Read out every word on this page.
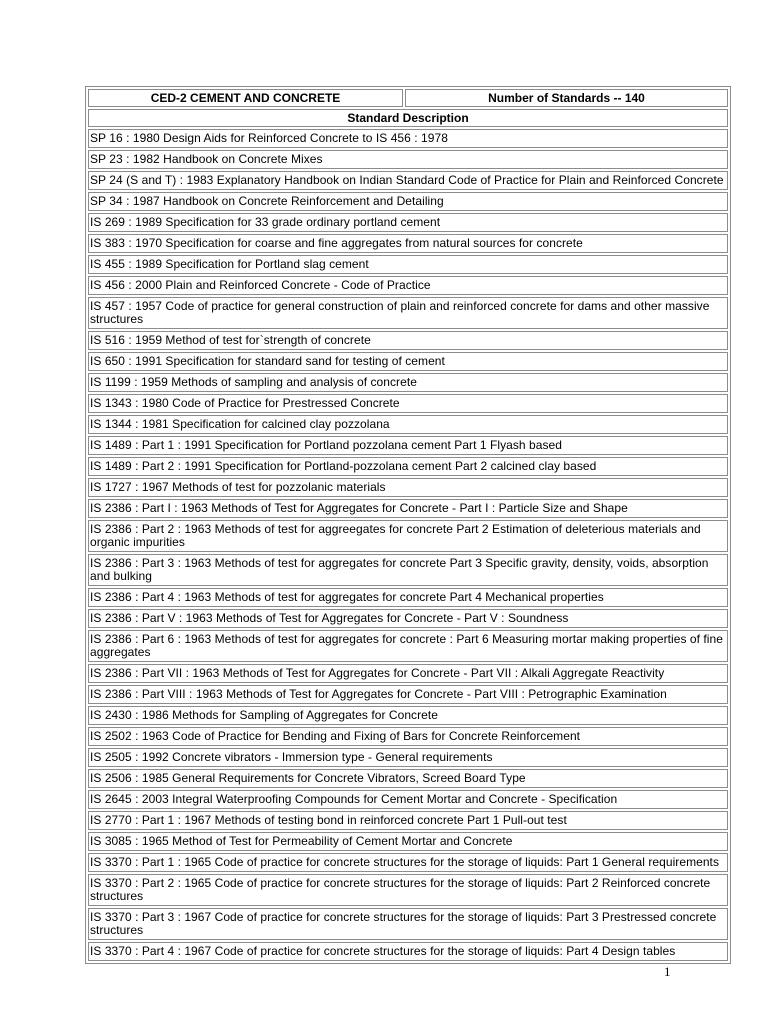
CED-2 CEMENT AND CONCRETE	Number of Standards -- 140
Standard Description
SP 16 : 1980 Design Aids for Reinforced Concrete to IS 456 : 1978
SP 23 : 1982 Handbook on Concrete Mixes
SP 24 (S and T) : 1983 Explanatory Handbook on Indian Standard Code of Practice for Plain and Reinforced Concrete
SP 34 : 1987 Handbook on Concrete Reinforcement and Detailing
IS 269 : 1989 Specification for 33 grade ordinary portland cement
IS 383 : 1970 Specification for coarse and fine aggregates from natural sources for concrete
IS 455 : 1989 Specification for Portland slag cement
IS 456 : 2000 Plain and Reinforced Concrete - Code of Practice
IS 457 : 1957 Code of practice for general construction of plain and reinforced concrete for dams and other massive structures
IS 516 : 1959 Method of test for`strength of concrete
IS 650 : 1991 Specification for standard sand for testing of cement
IS 1199 : 1959 Methods of sampling and analysis of concrete
IS 1343 : 1980 Code of Practice for Prestressed Concrete
IS 1344 : 1981 Specification for calcined clay pozzolana
IS 1489 : Part 1 : 1991 Specification for Portland pozzolana cement Part 1 Flyash based
IS 1489 : Part 2 : 1991 Specification for Portland-pozzolana cement Part 2 calcined clay based
IS 1727 : 1967 Methods of test for pozzolanic materials
IS 2386 : Part I : 1963 Methods of Test for Aggregates for Concrete - Part I : Particle Size and Shape
IS 2386 : Part 2 : 1963 Methods of test for aggreegates for concrete Part 2 Estimation of deleterious materials and organic impurities
IS 2386 : Part 3 : 1963 Methods of test for aggregates for concrete Part 3 Specific gravity, density, voids, absorption and bulking
IS 2386 : Part 4 : 1963 Methods of test for aggregates for concrete Part 4 Mechanical properties
IS 2386 : Part V : 1963 Methods of Test for Aggregates for Concrete - Part V : Soundness
IS 2386 : Part 6 : 1963 Methods of test for aggregates for concrete : Part 6 Measuring mortar making properties of fine aggregates
IS 2386 : Part VII : 1963 Methods of Test for Aggregates for Concrete - Part VII : Alkali Aggregate Reactivity
IS 2386 : Part VIII : 1963 Methods of Test for Aggregates for Concrete - Part VIII : Petrographic Examination
IS 2430 : 1986 Methods for Sampling of Aggregates for Concrete
IS 2502 : 1963 Code of Practice for Bending and Fixing of Bars for Concrete Reinforcement
IS 2505 : 1992 Concrete vibrators - Immersion type - General requirements
IS 2506 : 1985 General Requirements for Concrete Vibrators, Screed Board Type
IS 2645 : 2003 Integral Waterproofing Compounds for Cement Mortar and Concrete - Specification
IS 2770 : Part 1 : 1967 Methods of testing bond in reinforced concrete Part 1 Pull-out test
IS 3085 : 1965 Method of Test for Permeability of Cement Mortar and Concrete
IS 3370 : Part 1 : 1965 Code of practice for concrete structures for the storage of liquids: Part 1 General requirements
IS 3370 : Part 2 : 1965 Code of practice for concrete structures for the storage of liquids: Part 2 Reinforced concrete structures
IS 3370 : Part 3 : 1967 Code of practice for concrete structures for the storage of liquids: Part 3 Prestressed concrete structures
IS 3370 : Part 4 : 1967 Code of practice for concrete structures for the storage of liquids: Part 4 Design tables
1
